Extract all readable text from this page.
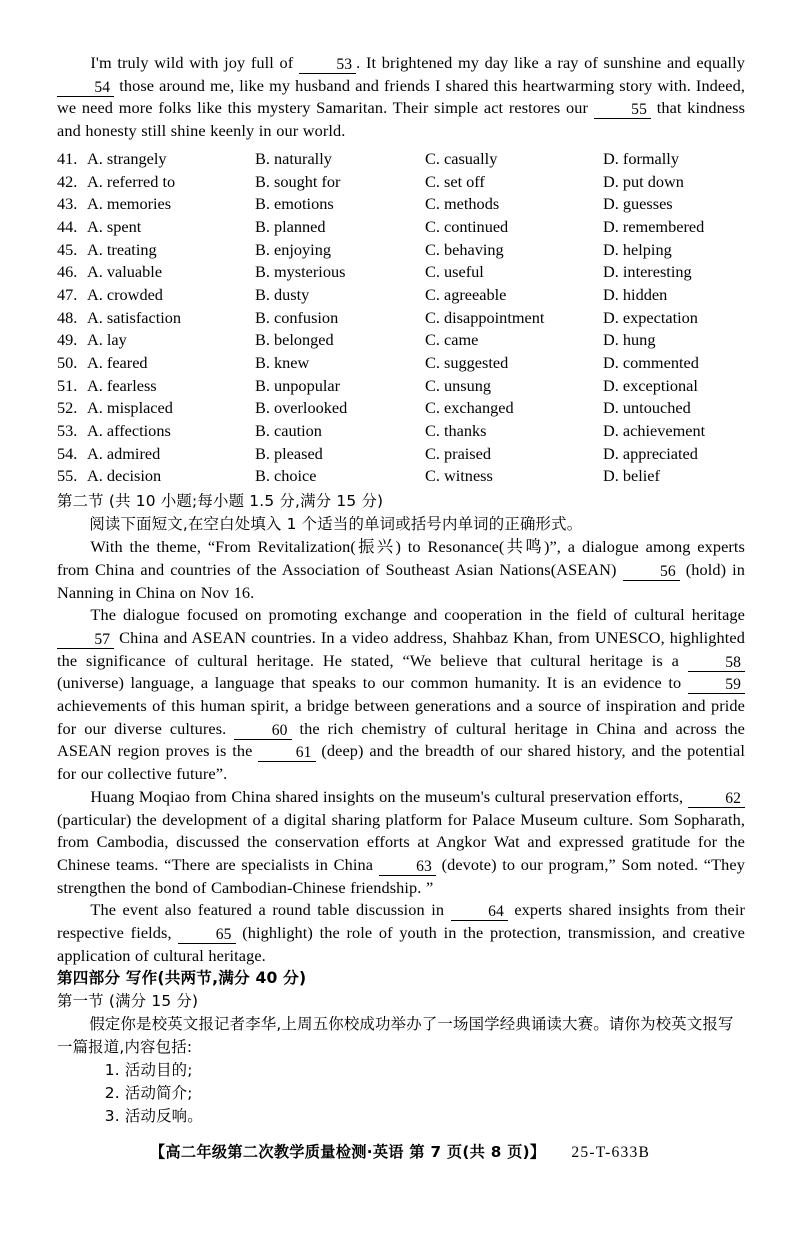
I'm truly wild with joy full of	53 . It brightened my day like a ray of sunshine and equally 54 those around me, like my husband and friends I shared this heartwarming story with. Indeed, we need more folks like this mystery Samaritan. Their simple act restores our	55 that kindness and honesty still shine keenly in our world.

41. A. strangely	B. naturally	C. casually	D. formally
42. A. referred to	B. sought for	C. set off	D. put down
43. A. memories	B. emotions	C. methods	D. guesses
44. A. spent	B. planned	C. continued	D. remembered
45. A. treating	B. enjoying	C. behaving	D. helping
46. A. valuable	B. mysterious	C. useful	D. interesting
47. A. crowded	B. dusty	C. agreeable	D. hidden
48. A. satisfaction	B. confusion	C. disappointment	D. expectation
49. A. lay	B. belonged	C. came	D. hung
50. A. feared	B. knew	C. suggested	D. commented
51. A. fearless	B. unpopular	C. unsung	D. exceptional
52. A. misplaced	B. overlooked	C. exchanged	D. untouched
53. A. affections	B. caution	C. thanks	D. achievement
54. A. admired	B. pleased	C. praised	D. appreciated
55. A. decision	B. choice	C. witness	D. belief
第二节 (共 10 小题;每小题 1.5 分,满分 15 分)
阅读下面短文,在空白处填入 1 个适当的单词或括号内单词的正确形式。

With the theme, “From Revitalization(振兴) to Resonance(共鸣)”, a dialogue among experts from China and countries of the Association of Southeast Asian Nations(ASEAN)	56 (hold) in Nanning in China on Nov 16.

The dialogue focused on promoting exchange and cooperation in the field of cultural heritage 57 China and ASEAN countries. In a video address, Shahbaz Khan, from UNESCO, highlighted the significance of cultural heritage. He stated, “We believe that cultural heritage is a	58 (universe) language, a language that speaks to our common humanity. It is an evidence to	59 achievements of this human spirit, a bridge between generations and a source of inspiration and pride for our diverse cultures.	60 the rich chemistry of cultural heritage in China and across the ASEAN region proves is the	61 (deep) and the breadth of our shared history, and the potential for our collective future”.

Huang Moqiao from China shared insights on the museum's cultural preservation efforts,	62 (particular) the development of a digital sharing platform for Palace Museum culture. Som Sopharath, from Cambodia, discussed the conservation efforts at Angkor Wat and expressed gratitude for the Chinese teams. “There are specialists in China	63 (devote) to our program,” Som noted. “They strengthen the bond of Cambodian-Chinese friendship. ”

The event also featured a round table discussion in	64 experts shared insights from their respective fields,	65 (highlight) the role of youth in the protection, transmission, and creative application of cultural heritage.

第四部分 写作(共两节,满分 40 分)
第一节 (满分 15 分)
假定你是校英文报记者李华,上周五你校成功举办了一场国学经典诵读大赛。请你为校英文报写一篇报道,内容包括:
1. 活动目的;
2. 活动简介;
3. 活动反响。
【高二年级第二次教学质量检测·英语 第 7 页(共 8 页)】 25-T-633B
